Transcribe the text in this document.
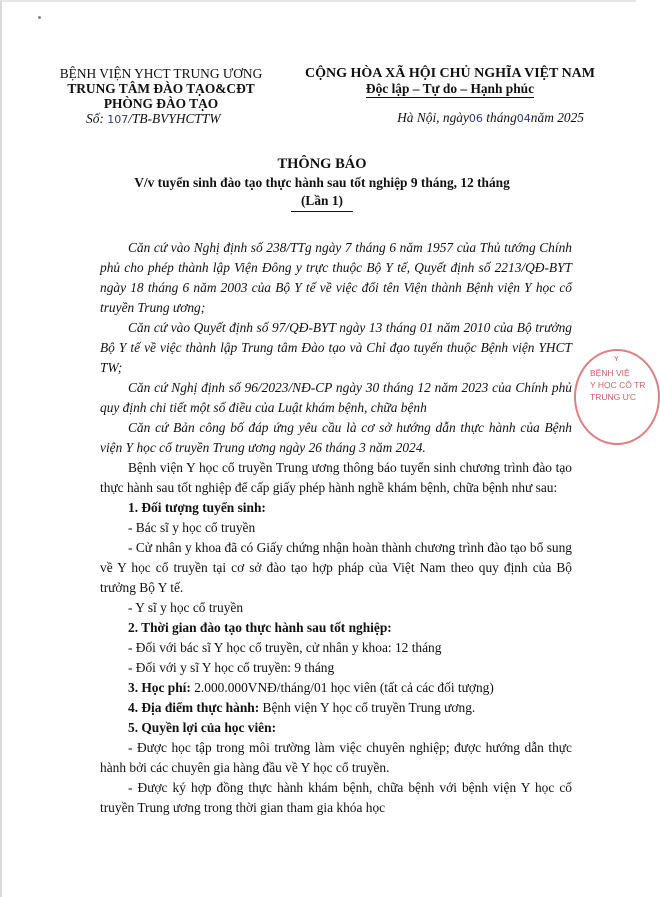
BỆNH VIỆN YHCT TRUNG ƯƠNG
TRUNG TÂM ĐÀO TẠO&CĐT
PHÒNG ĐÀO TẠO
Số: 107/TB-BVYHCTTW
CỘNG HÒA XÃ HỘI CHỦ NGHĨA VIỆT NAM
Độc lập – Tự do – Hạnh phúc
Hà Nội, ngày06 tháng04năm 2025
THÔNG BÁO
V/v tuyển sinh đào tạo thực hành sau tốt nghiệp 9 tháng, 12 tháng
(Lần 1)

Căn cứ vào Nghị định số 238/TTg ngày 7 tháng 6 năm 1957 của Thủ tướng Chính phủ cho phép thành lập Viện Đông y trực thuộc Bộ Y tế, Quyết định số 2213/QĐ-BYT ngày 18 tháng 6 năm 2003 của Bộ Y tế về việc đổi tên Viện thành Bệnh viện Y học cổ truyền Trung ương;

Căn cứ vào Quyết định số 97/QĐ-BYT ngày 13 tháng 01 năm 2010 của Bộ trưởng Bộ Y tế về việc thành lập Trung tâm Đào tạo và Chỉ đạo tuyến thuộc Bệnh viện YHCT TW;

Căn cứ Nghị định số 96/2023/NĐ-CP ngày 30 tháng 12 năm 2023 của Chính phủ quy định chi tiết một số điều của Luật khám bệnh, chữa bệnh

Căn cứ Bản công bố đáp ứng yêu cầu là cơ sở hướng dẫn thực hành của Bệnh viện Y học cổ truyền Trung ương ngày 26 tháng 3 năm 2024.

Bệnh viện Y học cổ truyền Trung ương thông báo tuyển sinh chương trình đào tạo thực hành sau tốt nghiệp để cấp giấy phép hành nghề khám bệnh, chữa bệnh như sau:

1. Đối tượng tuyển sinh:

- Bác sĩ y học cổ truyền

- Cử nhân y khoa đã có Giấy chứng nhận hoàn thành chương trình đào tạo bổ sung về Y học cổ truyền tại cơ sở đào tạo hợp pháp của Việt Nam theo quy định của Bộ trưởng Bộ Y tế.

- Y sĩ y học cổ truyền

2. Thời gian đào tạo thực hành sau tốt nghiệp:

- Đối với bác sĩ Y học cổ truyền, cử nhân y khoa: 12 tháng

- Đối với y sĩ Y học cổ truyền: 9 tháng

3. Học phí: 2.000.000VNĐ/tháng/01 học viên (tất cả các đối tượng)

4. Địa điểm thực hành: Bệnh viện Y học cổ truyền Trung ương.

5. Quyền lợi của học viên:

- Được học tập trong môi trường làm việc chuyên nghiệp; được hướng dẫn thực hành bởi các chuyên gia hàng đầu về Y học cổ truyền.

- Được ký hợp đồng thực hành khám bệnh, chữa bệnh với bệnh viện Y học cổ truyền Trung ương trong thời gian tham gia khóa học

BỆNH VIỆ
Y HỌC CỔ TR
TRUNG ƯC
Y
